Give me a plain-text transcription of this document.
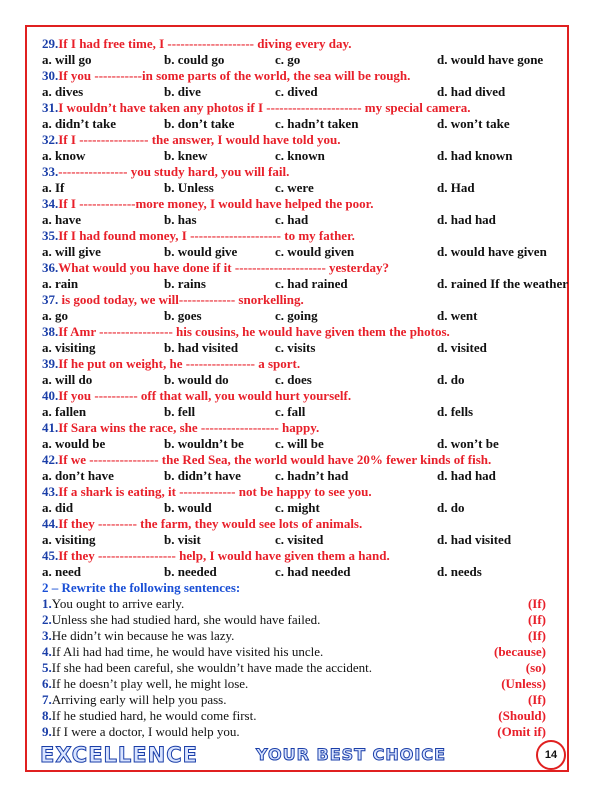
29.If I had free time, I -------------------- diving every day.
a. will go	b. could go	c. go	d. would have gone
30.If you -----------in some parts of the world, the sea will be rough.
a. dives	b. dive	c. dived	d. had dived
31.I wouldn’t have taken any photos if I ---------------------- my special camera.
a. didn’t take	b. don’t take	c. hadn’t taken	d. won’t take
32.If I ---------------- the answer, I would have told you.
a. know	b. knew	c. known	d. had known
33.---------------- you study hard, you will fail.
a. If	b. Unless	c. were	d. Had
34.If I -------------more money, I would have helped the poor.
a. have	b. has	c. had	d. had had
35.If I had found money, I --------------------- to my father.
a. will give	b. would give	c. would given	d. would have given
36.What would you have done if it --------------------- yesterday?
a. rain	b. rains	c. had rained	d. rained If the weather
37. is good today, we will------------- snorkelling.
a. go	b. goes	c. going	d. went
38.If Amr ----------------- his cousins, he would have given them the photos.
a. visiting	b. had visited	c. visits	d. visited
39.If he put on weight, he ---------------- a sport.
a. will do	b. would do	c. does	d. do
40.If you ---------- off that wall, you would hurt yourself.
a. fallen	b. fell	c. fall	d. fells
41.If Sara wins the race, she ------------------ happy.
a. would be	b. wouldn’t be c. will be	d. won’t be
42.If we ---------------- the Red Sea, the world would have 20% fewer kinds of fish.
a. don’t have	b. didn’t have	c. hadn’t had	d. had had
43.If a shark is eating, it ------------- not be happy to see you.
a. did	b. would	c. might	d. do
44.If they --------- the farm, they would see lots of animals.
a. visiting	b. visit	c. visited	d. had visited
45.If they ------------------ help, I would have given them a hand.
a. need	b. needed	c. had needed	d. needs
2 – Rewrite the following sentences:
1.You ought to arrive early.	(If)
2.Unless she had studied hard, she would have failed.	(If)
3.He didn’t win because he was lazy.	(If)
4.If Ali had had time, he would have visited his uncle.	(because)
5.If she had been careful, she wouldn’t have made the accident.	(so)
6.If he doesn’t play well, he might lose.	(Unless)
7.Arriving early will help you pass.	(If)
8.If he studied hard, he would come first.	(Should)
9.If I were a doctor, I would help you.	(Omit if)
EXCELLENCE	YOUR BEST CHOICE	14
